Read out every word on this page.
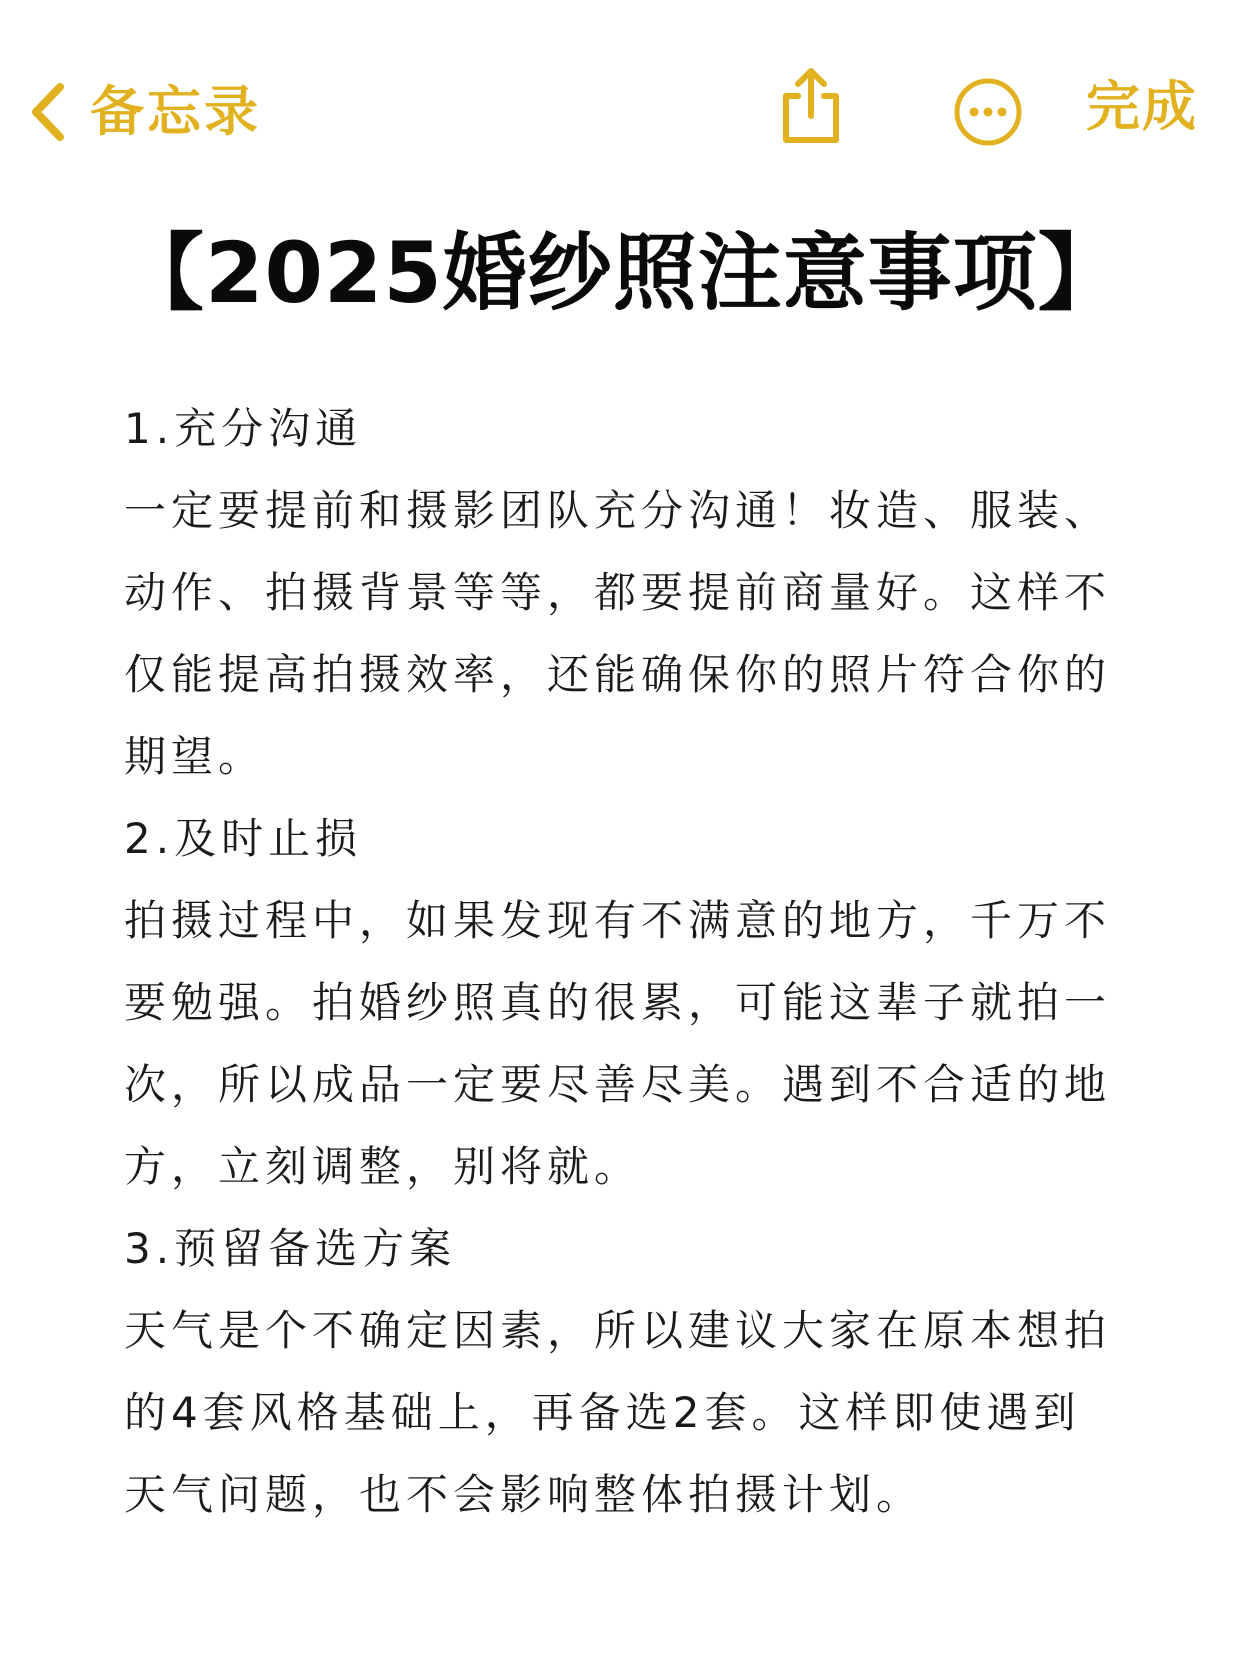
备忘录	完成
【2025婚纱照注意事项】

1.充分沟通

一定要提前和摄影团队充分沟通！妆造、服装、动作、拍摄背景等等，都要提前商量好。这样不仅能提高拍摄效率，还能确保你的照片符合你的期望。

2.及时止损

拍摄过程中，如果发现有不满意的地方，千万不要勉强。拍婚纱照真的很累，可能这辈子就拍一次，所以成品一定要尽善尽美。遇到不合适的地方，立刻调整，别将就。

3.预留备选方案

天气是个不确定因素，所以建议大家在原本想拍的4套风格基础上，再备选2套。这样即使遇到天气问题，也不会影响整体拍摄计划。
